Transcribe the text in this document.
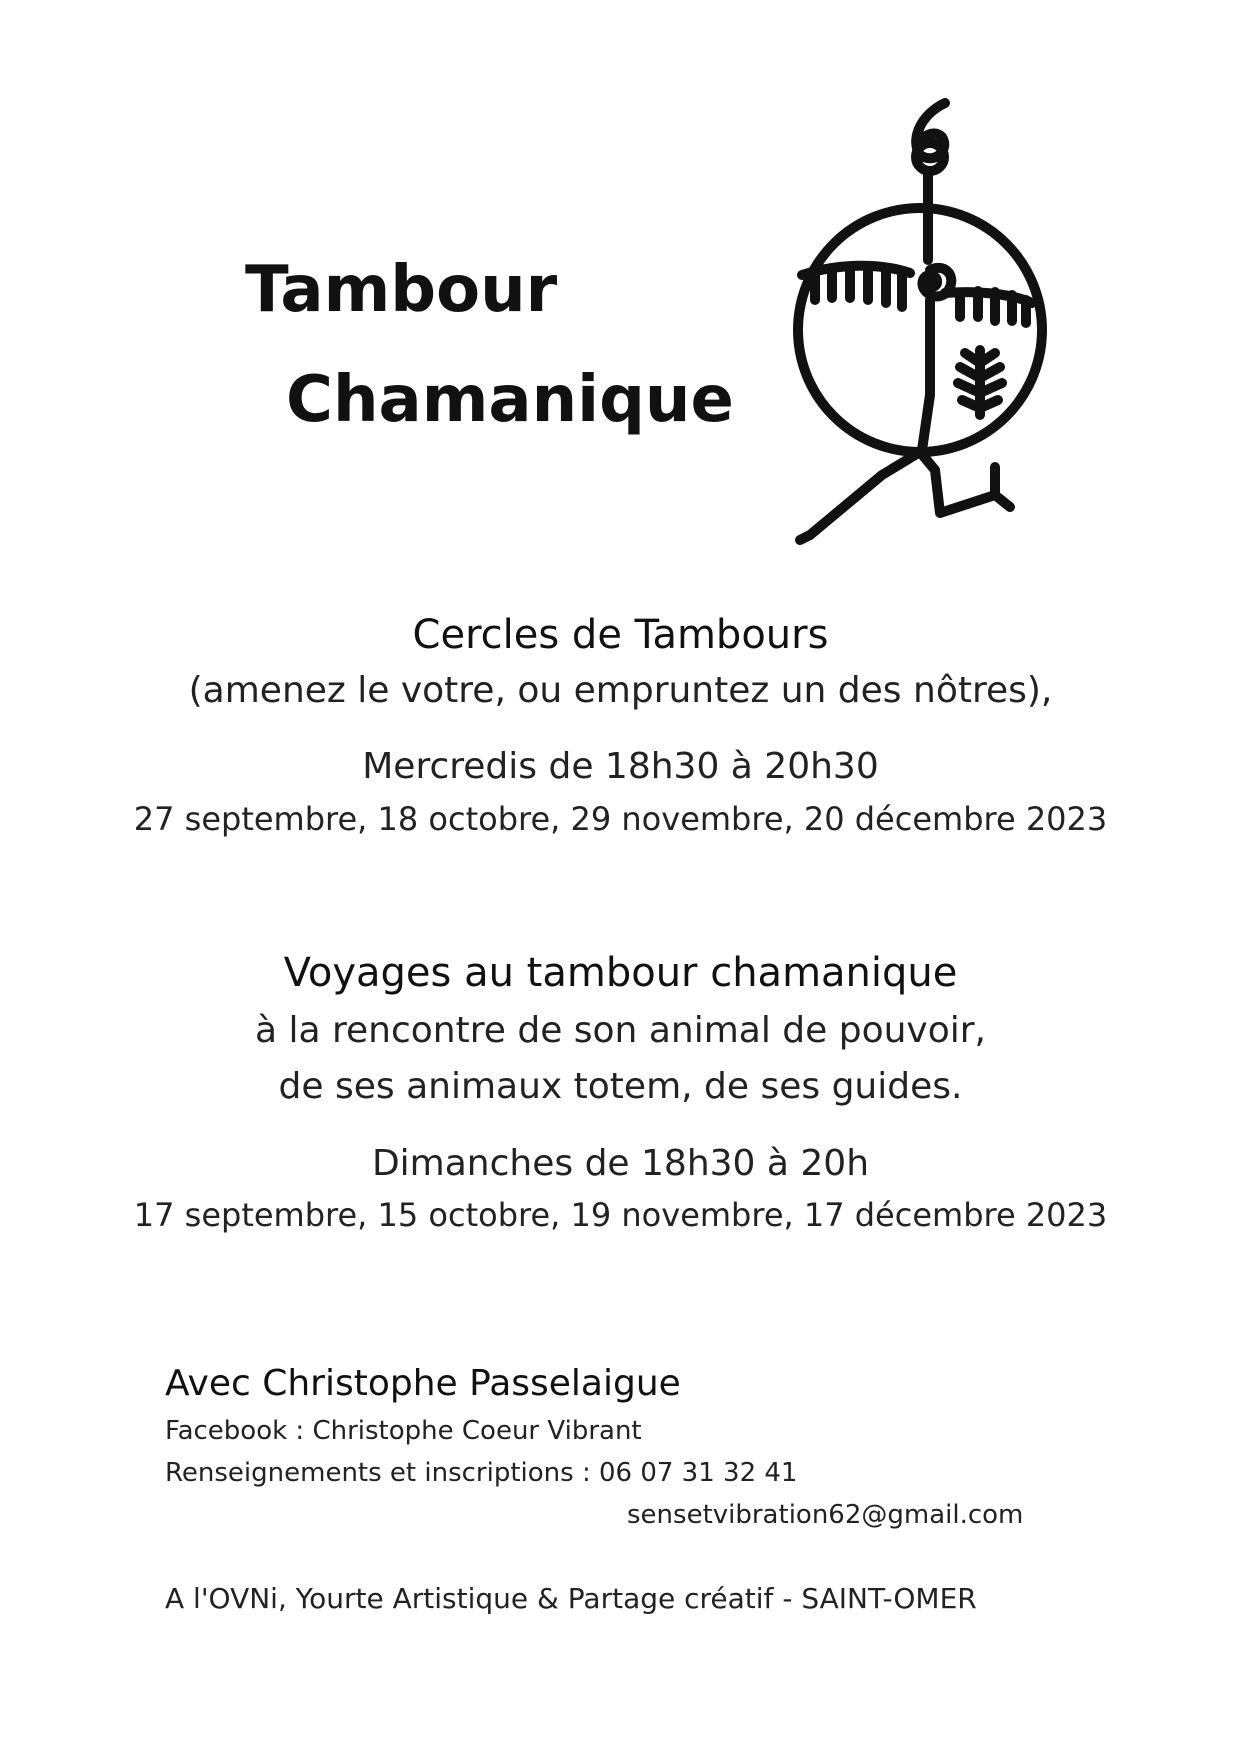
Tambour
Chamanique
Cercles de Tambours
(amenez le votre, ou empruntez un des nôtres),
Mercredis de 18h30 à 20h30
27 septembre, 18 octobre, 29 novembre, 20 décembre 2023
Voyages au tambour chamanique
à la rencontre de son animal de pouvoir,
de ses animaux totem, de ses guides.
Dimanches de 18h30 à 20h
17 septembre, 15 octobre, 19 novembre, 17 décembre 2023
Avec Christophe Passelaigue
Facebook : Christophe Coeur Vibrant
Renseignements et inscriptions : 06 07 31 32 41
sensetvibration62@gmail.com
A l'OVNi, Yourte Artistique & Partage créatif - SAINT-OMER
